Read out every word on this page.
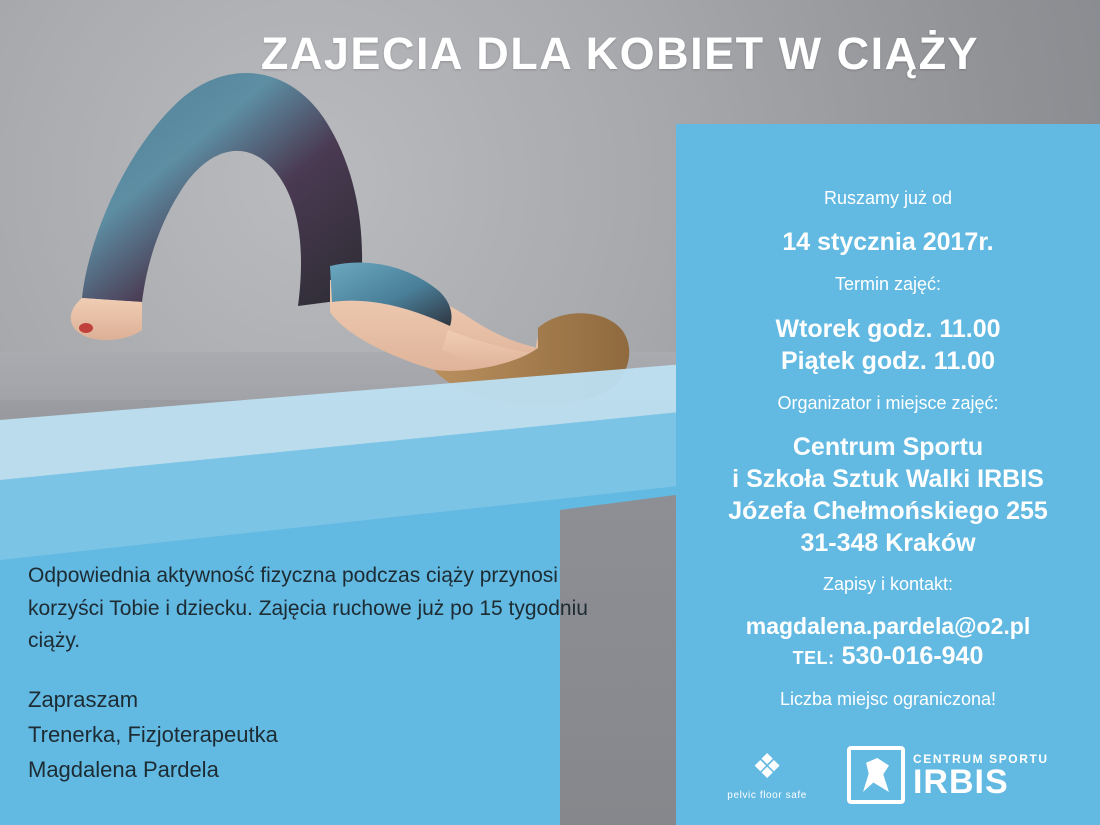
ZAJECIA DLA KOBIET W CIĄŻY

Ruszamy już od

14 stycznia 2017r.

Termin zajęć:

Wtorek godz. 11.00

Piątek godz. 11.00

Organizator i miejsce zajęć:

Centrum Sportu

i Szkoła Sztuk Walki IRBIS

Józefa Chełmońskiego 255

31-348 Kraków

Zapisy i kontakt:

magdalena.pardela@o2.pl

TEL: 530-016-940

Liczba miejsc ograniczona!

❖
pelvic floor safe
CENTRUM SPORTU
IRBIS
Odpowiednia aktywność fizyczna podczas ciąży przynosi korzyści Tobie i dziecku. Zajęcia ruchowe już po 15 tygodniu ciąży.
Zapraszam
Trenerka, Fizjoterapeutka
Magdalena Pardela
